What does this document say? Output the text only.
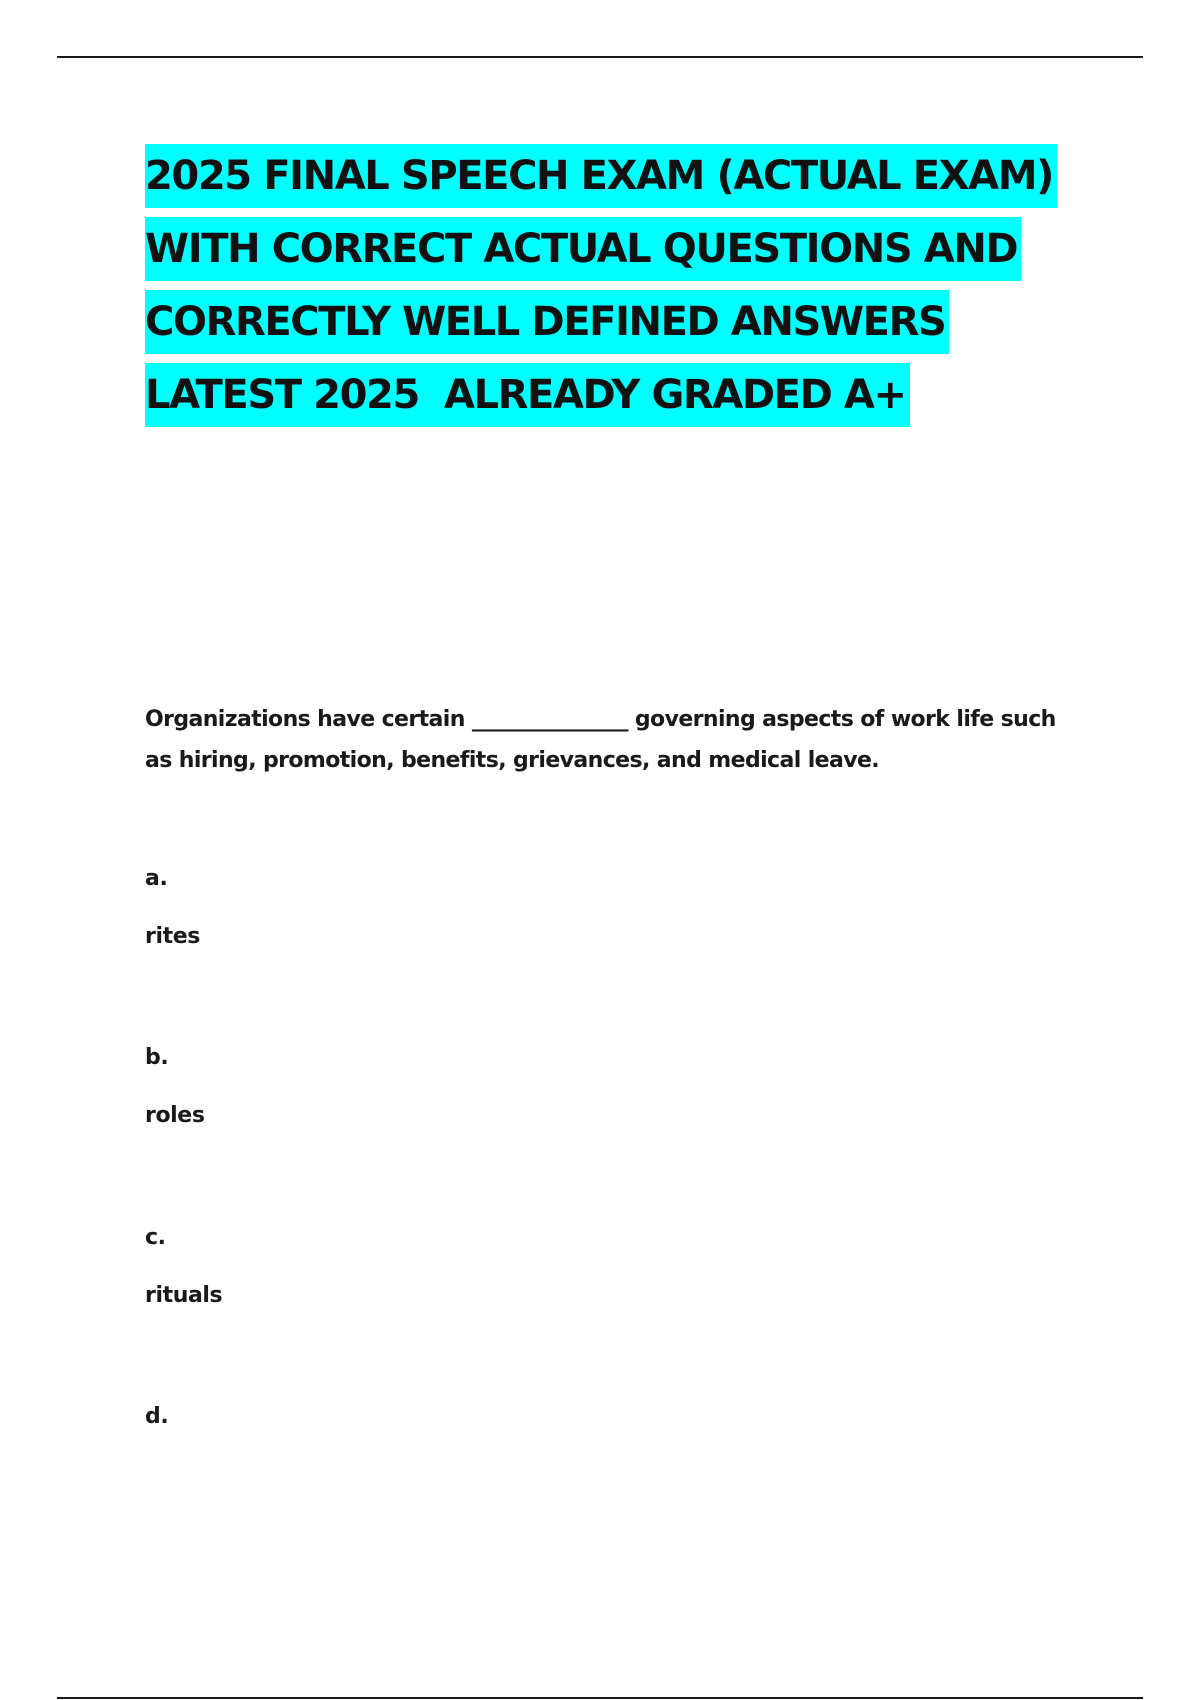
2025 FINAL SPEECH EXAM (ACTUAL EXAM)
WITH CORRECT ACTUAL QUESTIONS AND
CORRECTLY WELL DEFINED ANSWERS
LATEST 2025  ALREADY GRADED A+
Organizations have certain _______________ governing aspects of work life such
as hiring, promotion, benefits, grievances, and medical leave.
a.
rites
b.
roles
c.
rituals
d.
